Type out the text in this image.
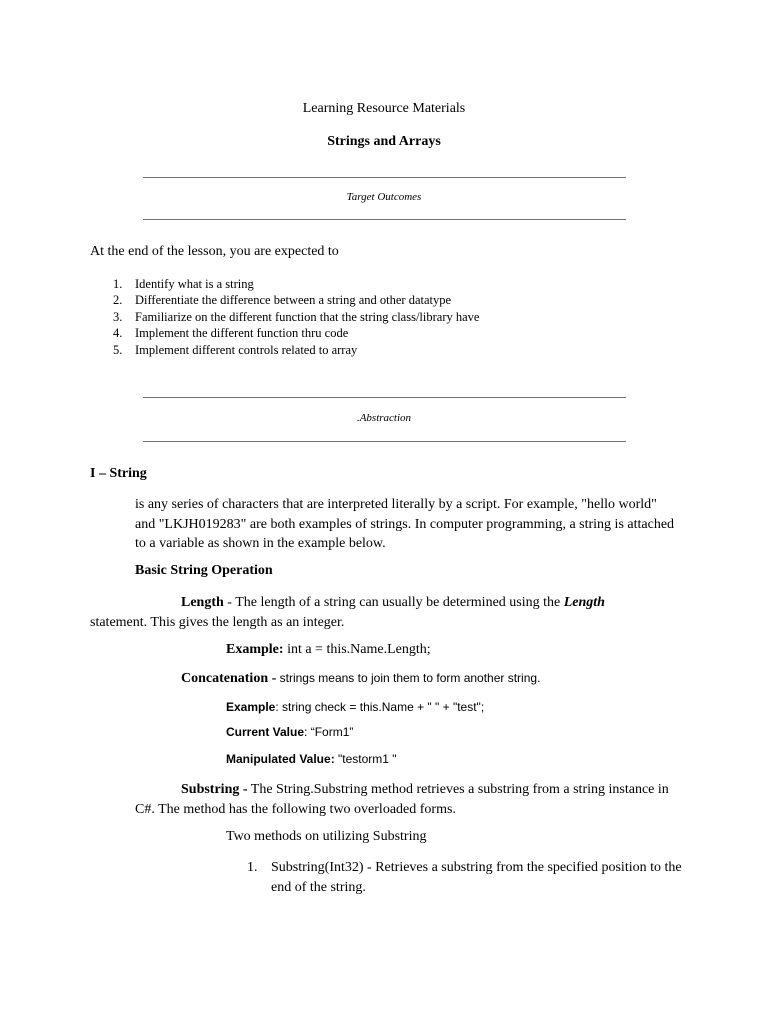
Learning Resource Materials
Strings and Arrays
Target Outcomes
At the end of the lesson, you are expected to
1.	Identify what is a string
2.	Differentiate the difference between a string and other datatype
3.	Familiarize on the different function that the string class/library have
4.	Implement the different function thru code
5.	Implement different controls related to array
.Abstraction
I – String
is any series of characters that are interpreted literally by a script. For example, "hello world" and "LKJH019283" are both examples of strings. In computer programming, a string is attached to a variable as shown in the example below.
Basic String Operation
Length - The length of a string can usually be determined using the Length statement. This gives the length as an integer.
Example: int a = this.Name.Length;
Concatenation - strings means to join them to form another string.
Example: string check = this.Name + " " + "test";
Current Value: “Form1”
Manipulated Value: "testorm1 "
Substring - The String.Substring method retrieves a substring from a string instance in C#. The method has the following two overloaded forms.
Two methods on utilizing Substring
1. Substring(Int32) - Retrieves a substring from the specified position to the end of the string.
